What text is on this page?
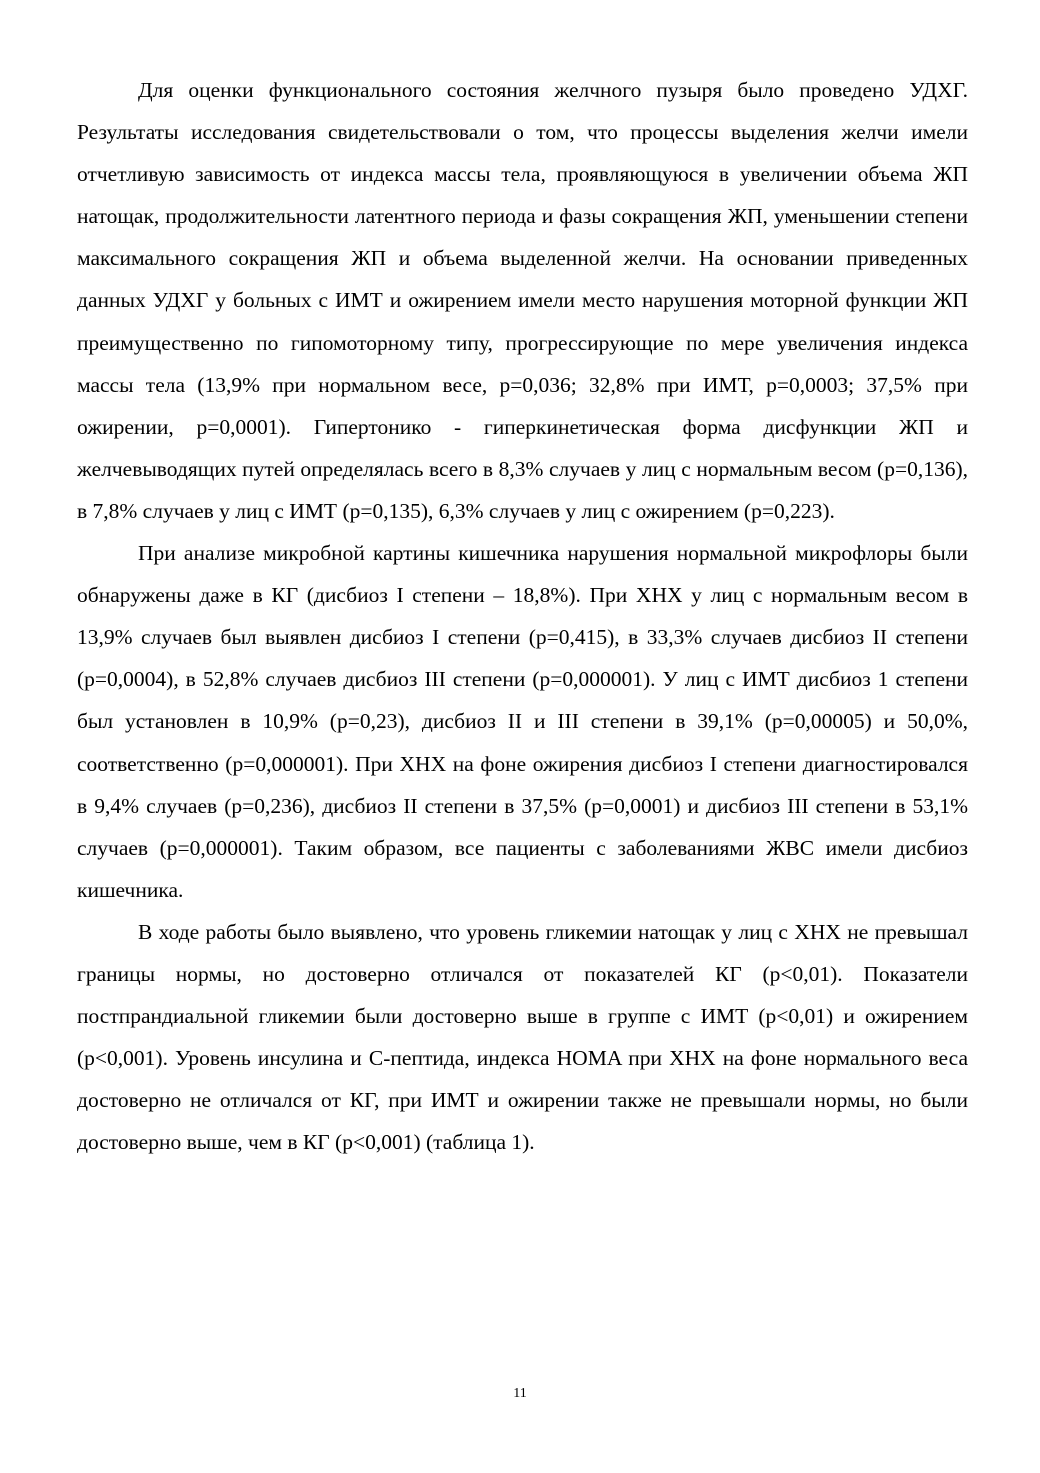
Для оценки функционального состояния желчного пузыря было проведено УДХГ. Результаты исследования свидетельствовали о том, что процессы выделения желчи имели отчетливую зависимость от индекса массы тела, проявляющуюся в увеличении объема ЖП натощак, продолжительности латентного периода и фазы сокращения ЖП, уменьшении степени максимального сокращения ЖП и объема выделенной желчи. На основании приведенных данных УДХГ у больных с ИМТ и ожирением имели место нарушения моторной функции ЖП преимущественно по гипомоторному типу, прогрессирующие по мере увеличения индекса массы тела (13,9% при нормальном весе, p=0,036; 32,8% при ИМТ, p=0,0003; 37,5% при ожирении, p=0,0001). Гипертонико - гиперкинетическая форма дисфункции ЖП и желчевыводящих путей определялась всего в 8,3% случаев у лиц с нормальным весом (p=0,136), в 7,8% случаев у лиц с ИМТ (p=0,135), 6,3% случаев у лиц с ожирением (p=0,223).

При анализе микробной картины кишечника нарушения нормальной микрофлоры были обнаружены даже в КГ (дисбиоз I степени – 18,8%). При ХНХ у лиц с нормальным весом в 13,9% случаев был выявлен дисбиоз I степени (p=0,415), в 33,3% случаев дисбиоз II степени (p=0,0004), в 52,8% случаев дисбиоз III степени (p=0,000001). У лиц с ИМТ дисбиоз 1 степени был установлен в 10,9% (p=0,23), дисбиоз II и III степени в 39,1% (p=0,00005) и 50,0%, соответственно (p=0,000001). При ХНХ на фоне ожирения дисбиоз I степени диагностировался в 9,4% случаев (p=0,236), дисбиоз II степени в 37,5% (p=0,0001) и дисбиоз III степени в 53,1% случаев (p=0,000001). Таким образом, все пациенты с заболеваниями ЖВС имели дисбиоз кишечника.

В ходе работы было выявлено, что уровень гликемии натощак у лиц с ХНХ не превышал границы нормы, но достоверно отличался от показателей КГ (p<0,01). Показатели постпрандиальной гликемии были достоверно выше в группе с ИМТ (p<0,01) и ожирением (p<0,001). Уровень инсулина и С-пептида, индекса HOMA при ХНХ на фоне нормального веса достоверно не отличался от КГ, при ИМТ и ожирении также не превышали нормы, но были достоверно выше, чем в КГ (p<0,001) (таблица 1).

11
